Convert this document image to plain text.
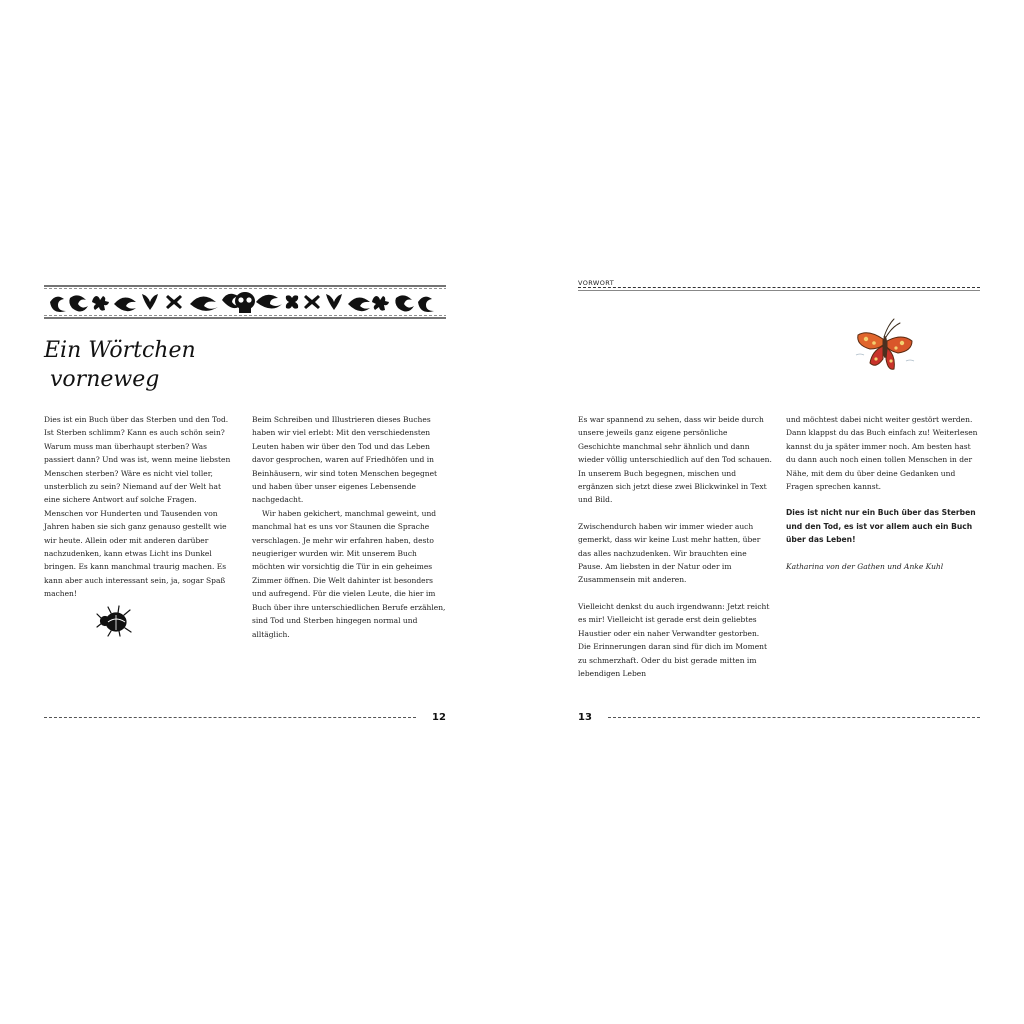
Ein Wörtchen
vorneweg

Dies ist ein Buch über das Sterben und den Tod. Ist Sterben schlimm? Kann es auch schön sein? Warum muss man überhaupt sterben? Was passiert dann? Und was ist, wenn meine liebsten Menschen sterben? Wäre es nicht viel toller, unsterblich zu sein? Niemand auf der Welt hat eine sichere Antwort auf solche Fragen. Menschen vor Hunderten und Tausenden von Jahren haben sie sich ganz genauso gestellt wie wir heute. Allein oder mit anderen darüber nachzudenken, kann etwas Licht ins Dunkel bringen. Es kann manchmal traurig machen. Es kann aber auch interessant sein, ja, sogar Spaß machen!

Beim Schreiben und Illustrieren dieses Buches haben wir viel erlebt: Mit den verschiedensten Leuten haben wir über den Tod und das Leben davor gesprochen, waren auf Friedhöfen und in Beinhäusern, wir sind toten Menschen begegnet und haben über unser eigenes Lebensende nachgedacht.

Wir haben gekichert, manchmal geweint, und manchmal hat es uns vor Staunen die Sprache verschlagen. Je mehr wir erfahren haben, desto neugieriger wurden wir. Mit unserem Buch möchten wir vorsichtig die Tür in ein geheimes Zimmer öffnen. Die Welt dahinter ist besonders und aufregend. Für die vielen Leute, die hier im Buch über ihre unterschiedlichen Berufe erzählen, sind Tod und Sterben hingegen normal und alltäglich.

12
VORWORT

Es war spannend zu sehen, dass wir beide durch unsere jeweils ganz eigene persönliche Geschichte manchmal sehr ähnlich und dann wieder völlig unterschiedlich auf den Tod schauen. In unserem Buch begegnen, mischen und ergänzen sich jetzt diese zwei Blickwinkel in Text und Bild.

Zwischendurch haben wir immer wieder auch gemerkt, dass wir keine Lust mehr hatten, über das alles nachzudenken. Wir brauchten eine Pause. Am liebsten in der Natur oder im Zusammensein mit anderen.

Vielleicht denkst du auch irgendwann: Jetzt reicht es mir! Vielleicht ist gerade erst dein geliebtes Haustier oder ein naher Verwandter gestorben. Die Erinnerungen daran sind für dich im Moment zu schmerzhaft. Oder du bist gerade mitten im lebendigen Leben

und möchtest dabei nicht weiter gestört werden. Dann klappst du das Buch einfach zu! Weiterlesen kannst du ja später immer noch. Am besten hast du dann auch noch einen tollen Menschen in der Nähe, mit dem du über deine Gedanken und Fragen sprechen kannst.

Dies ist nicht nur ein Buch über das Sterben und den Tod, es ist vor allem auch ein Buch über das Leben!

Katharina von der Gathen und Anke Kuhl

13
